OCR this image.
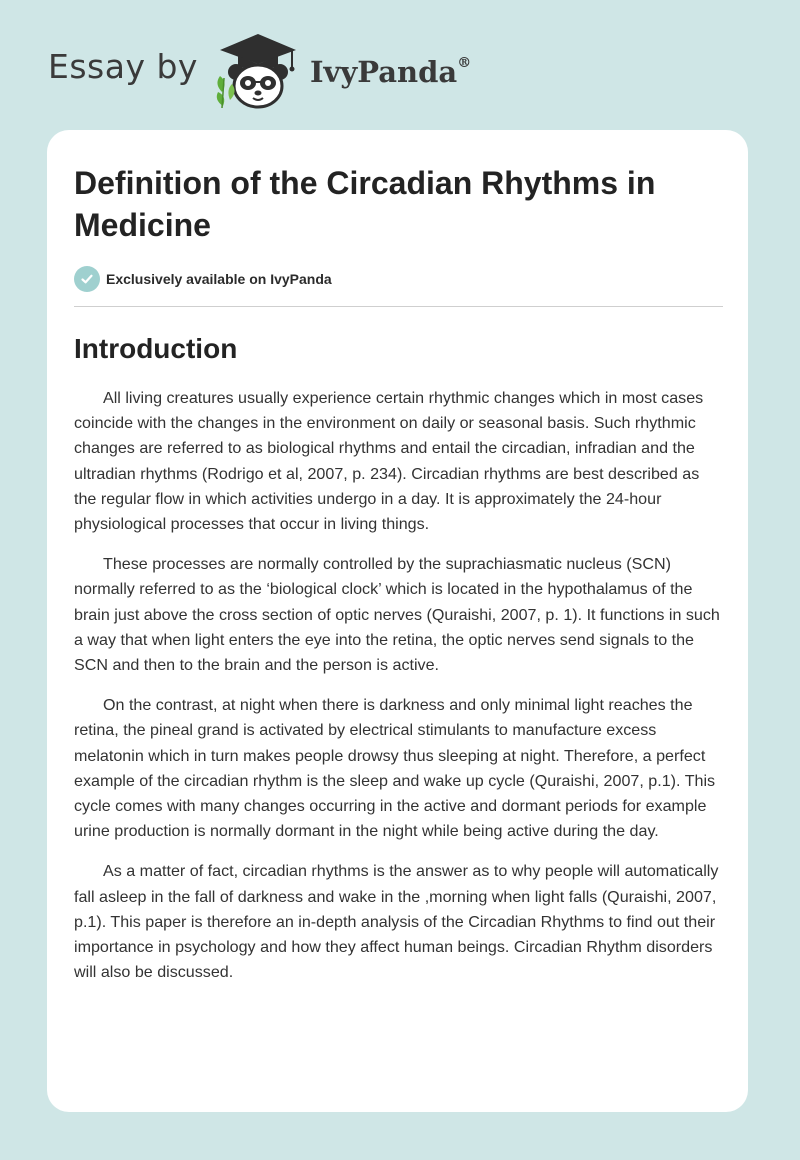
Essay by	IvyPanda®
Definition of the Circadian Rhythms in Medicine
Exclusively available on IvyPanda
Introduction

All living creatures usually experience certain rhythmic changes which in most cases coincide with the changes in the environment on daily or seasonal basis. Such rhythmic changes are referred to as biological rhythms and entail the circadian, infradian and the ultradian rhythms (Rodrigo et al, 2007, p. 234). Circadian rhythms are best described as the regular flow in which activities undergo in a day. It is approximately the 24-hour physiological processes that occur in living things.

These processes are normally controlled by the suprachiasmatic nucleus (SCN) normally referred to as the ‘biological clock’ which is located in the hypothalamus of the brain just above the cross section of optic nerves (Quraishi, 2007, p. 1). It functions in such a way that when light enters the eye into the retina, the optic nerves send signals to the SCN and then to the brain and the person is active.

On the contrast, at night when there is darkness and only minimal light reaches the retina, the pineal grand is activated by electrical stimulants to manufacture excess melatonin which in turn makes people drowsy thus sleeping at night. Therefore, a perfect example of the circadian rhythm is the sleep and wake up cycle (Quraishi, 2007, p.1). This cycle comes with many changes occurring in the active and dormant periods for example urine production is normally dormant in the night while being active during the day.

As a matter of fact, circadian rhythms is the answer as to why people will automatically fall asleep in the fall of darkness and wake in the ,morning when light falls (Quraishi, 2007, p.1). This paper is therefore an in-depth analysis of the Circadian Rhythms to find out their importance in psychology and how they affect human beings. Circadian Rhythm disorders will also be discussed.
